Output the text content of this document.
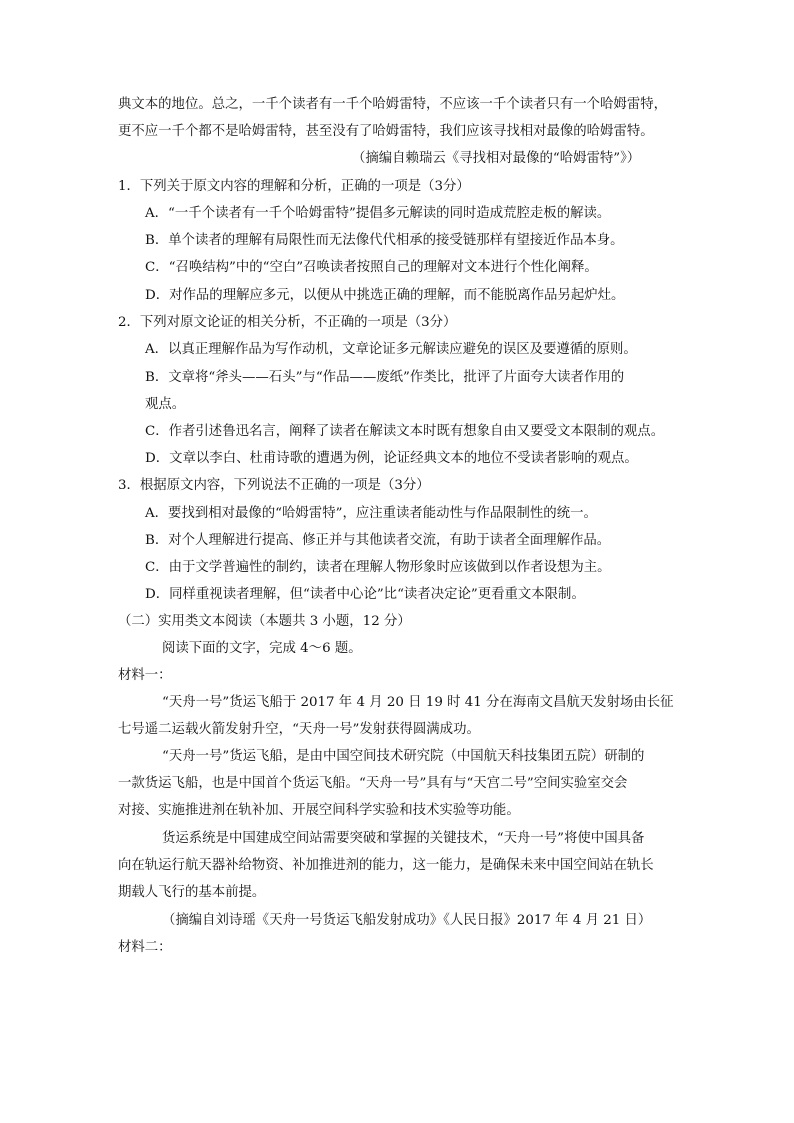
典文本的地位。总之，一千个读者有一千个哈姆雷特，不应该一千个读者只有一个哈姆雷特，
更不应一千个都不是哈姆雷特，甚至没有了哈姆雷特，我们应该寻找相对最像的哈姆雷特。
（摘编自赖瑞云《寻找相对最像的“哈姆雷特”》）
1．下列关于原文内容的理解和分析，正确的一项是（3分）
A．“一千个读者有一千个哈姆雷特”提倡多元解读的同时造成荒腔走板的解读。
B．单个读者的理解有局限性而无法像代代相承的接受链那样有望接近作品本身。
C．“召唤结构”中的“空白”召唤读者按照自己的理解对文本进行个性化阐释。
D．对作品的理解应多元，以便从中挑选正确的理解，而不能脱离作品另起炉灶。
2．下列对原文论证的相关分析，不正确的一项是（3分）
A．以真正理解作品为写作动机，文章论证多元解读应避免的误区及要遵循的原则。
B．文章将“斧头——石头”与“作品——废纸”作类比，批评了片面夸大读者作用的
观点。
C．作者引述鲁迅名言，阐释了读者在解读文本时既有想象自由又要受文本限制的观点。
D．文章以李白、杜甫诗歌的遭遇为例，论证经典文本的地位不受读者影响的观点。
3．根据原文内容，下列说法不正确的一项是（3分）
A．要找到相对最像的“哈姆雷特”，应注重读者能动性与作品限制性的统一。
B．对个人理解进行提高、修正并与其他读者交流，有助于读者全面理解作品。
C．由于文学普遍性的制约，读者在理解人物形象时应该做到以作者设想为主。
D．同样重视读者理解，但“读者中心论”比“读者决定论”更看重文本限制。
（二）实用类文本阅读（本题共 3 小题，12 分）
阅读下面的文字，完成 4～6 题。
材料一：
“天舟一号”货运飞船于 2017 年 4 月 20 日 19 时 41 分在海南文昌航天发射场由长征
七号遥二运载火箭发射升空，“天舟一号”发射获得圆满成功。
“天舟一号”货运飞船，是由中国空间技术研究院（中国航天科技集团五院）研制的
一款货运飞船，也是中国首个货运飞船。“天舟一号”具有与“天宫二号”空间实验室交会
对接、实施推进剂在轨补加、开展空间科学实验和技术实验等功能。
货运系统是中国建成空间站需要突破和掌握的关键技术，“天舟一号”将使中国具备
向在轨运行航天器补给物资、补加推进剂的能力，这一能力，是确保未来中国空间站在轨长
期载人飞行的基本前提。
（摘编自刘诗瑶《天舟一号货运飞船发射成功》《人民日报》2017 年 4 月 21 日）
材料二：
